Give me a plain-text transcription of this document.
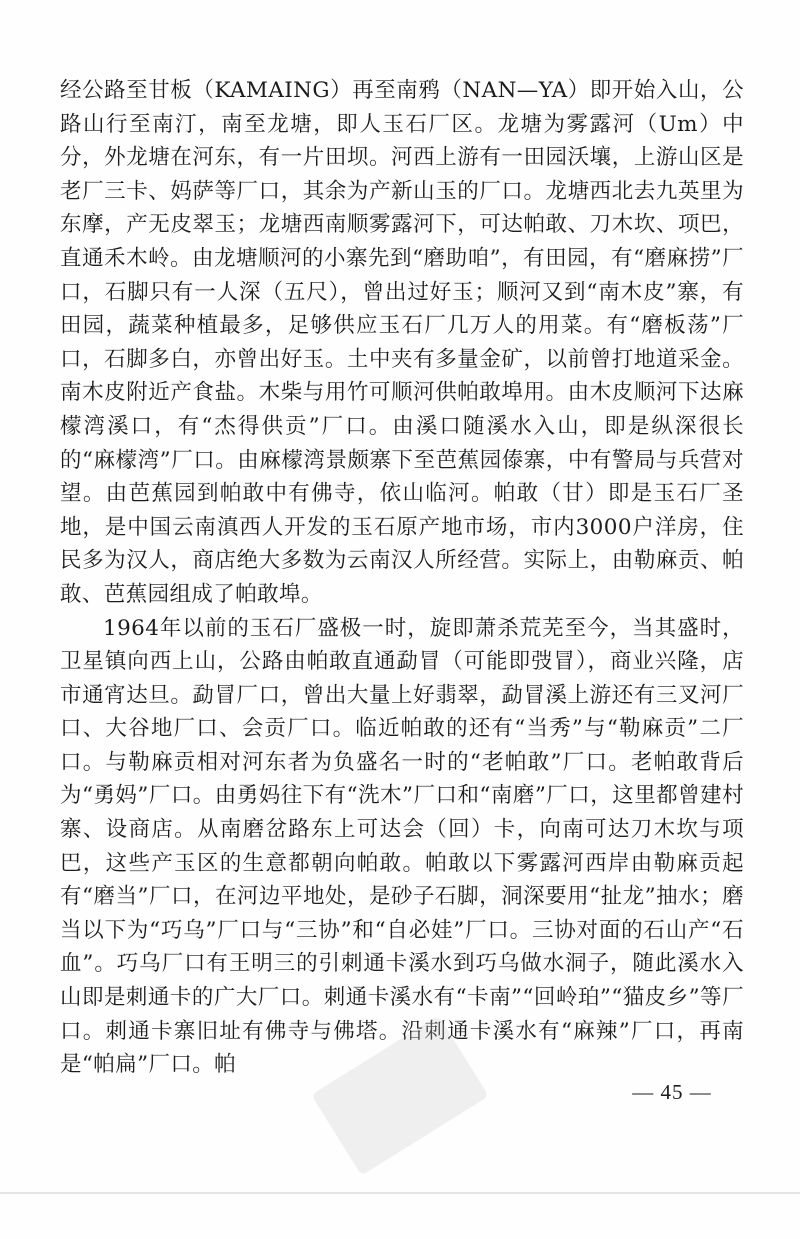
经公路至甘板（KAMAING）再至南鸦（NAN—YA）即开始入山，公路山行至南汀，南至龙塘，即人玉石厂区。龙塘为雾露河（Um）中分，外龙塘在河东，有一片田坝。河西上游有一田园沃壤，上游山区是老厂三卡、妈萨等厂口，其余为产新山玉的厂口。龙塘西北去九英里为东摩，产无皮翠玉；龙塘西南顺雾露河下，可达帕敢、刀木坎、项巴，直通禾木岭。由龙塘顺河的小寨先到“磨助咱”，有田园，有“磨麻捞”厂口，石脚只有一人深（五尺），曾出过好玉；顺河又到“南木皮”寨，有田园，蔬菜种植最多，足够供应玉石厂几万人的用菜。有“磨板荡”厂口，石脚多白，亦曾出好玉。土中夹有多量金矿，以前曾打地道采金。南木皮附近产食盐。木柴与用竹可顺河供帕敢埠用。由木皮顺河下达麻檬湾溪口，有“杰得供贡”厂口。由溪口随溪水入山，即是纵深很长的“麻檬湾”厂口。由麻檬湾景颇寨下至芭蕉园傣寨，中有警局与兵营对望。由芭蕉园到帕敢中有佛寺，依山临河。帕敢（甘）即是玉石厂圣地，是中国云南滇西人开发的玉石原产地市场，市内3000户洋房，住民多为汉人，商店绝大多数为云南汉人所经营。实际上，由勒麻贡、帕敢、芭蕉园组成了帕敢埠。

1964年以前的玉石厂盛极一时，旋即萧杀荒芜至今，当其盛时，卫星镇向西上山，公路由帕敢直通勐冒（可能即弢冒），商业兴隆，店市通宵达旦。勐冒厂口，曾出大量上好翡翠，勐冒溪上游还有三叉河厂口、大谷地厂口、会贡厂口。临近帕敢的还有“当秀”与“勒麻贡”二厂口。与勒麻贡相对河东者为负盛名一时的“老帕敢”厂口。老帕敢背后为“勇妈”厂口。由勇妈往下有“洗木”厂口和“南磨”厂口，这里都曾建村寨、设商店。从南磨岔路东上可达会（回）卡，向南可达刀木坎与项巴，这些产玉区的生意都朝向帕敢。帕敢以下雾露河西岸由勒麻贡起有“磨当”厂口，在河边平地处，是砂子石脚，洞深要用“扯龙”抽水；磨当以下为“巧乌”厂口与“三协”和“自必娃”厂口。三协对面的石山产“石血”。巧乌厂口有王明三的引刺通卡溪水到巧乌做水洞子，随此溪水入山即是刺通卡的广大厂口。刺通卡溪水有“卡南”“回岭珀”“猫皮乡”等厂口。刺通卡寨旧址有佛寺与佛塔。沿刺通卡溪水有“麻辣”厂口，再南是“帕扁”厂口。帕

— 45 —
